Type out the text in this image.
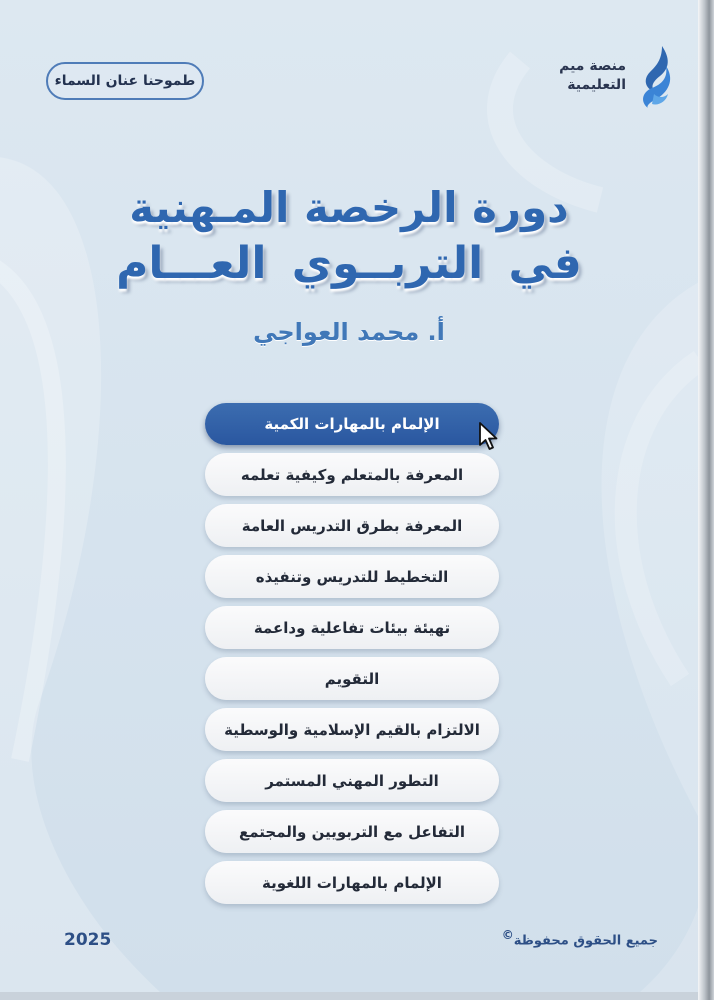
منصة ميم
التعليمية
طموحنا عنان السماء
دورة الرخصة المـهنية
في التربــوي العـــام
أ. محمد العواجي
الإلمام بالمهارات الكمية
المعرفة بالمتعلم وكيفية تعلمه
المعرفة بطرق التدريس العامة
التخطيط للتدريس وتنفيذه
تهيئة بيئات تفاعلية وداعمة
التقويم
الالتزام بالقيم الإسلامية والوسطية
التطور المهني المستمر
التفاعل مع التربويين والمجتمع
الإلمام بالمهارات اللغوية
جميع الحقوق محفوظة©
2025
